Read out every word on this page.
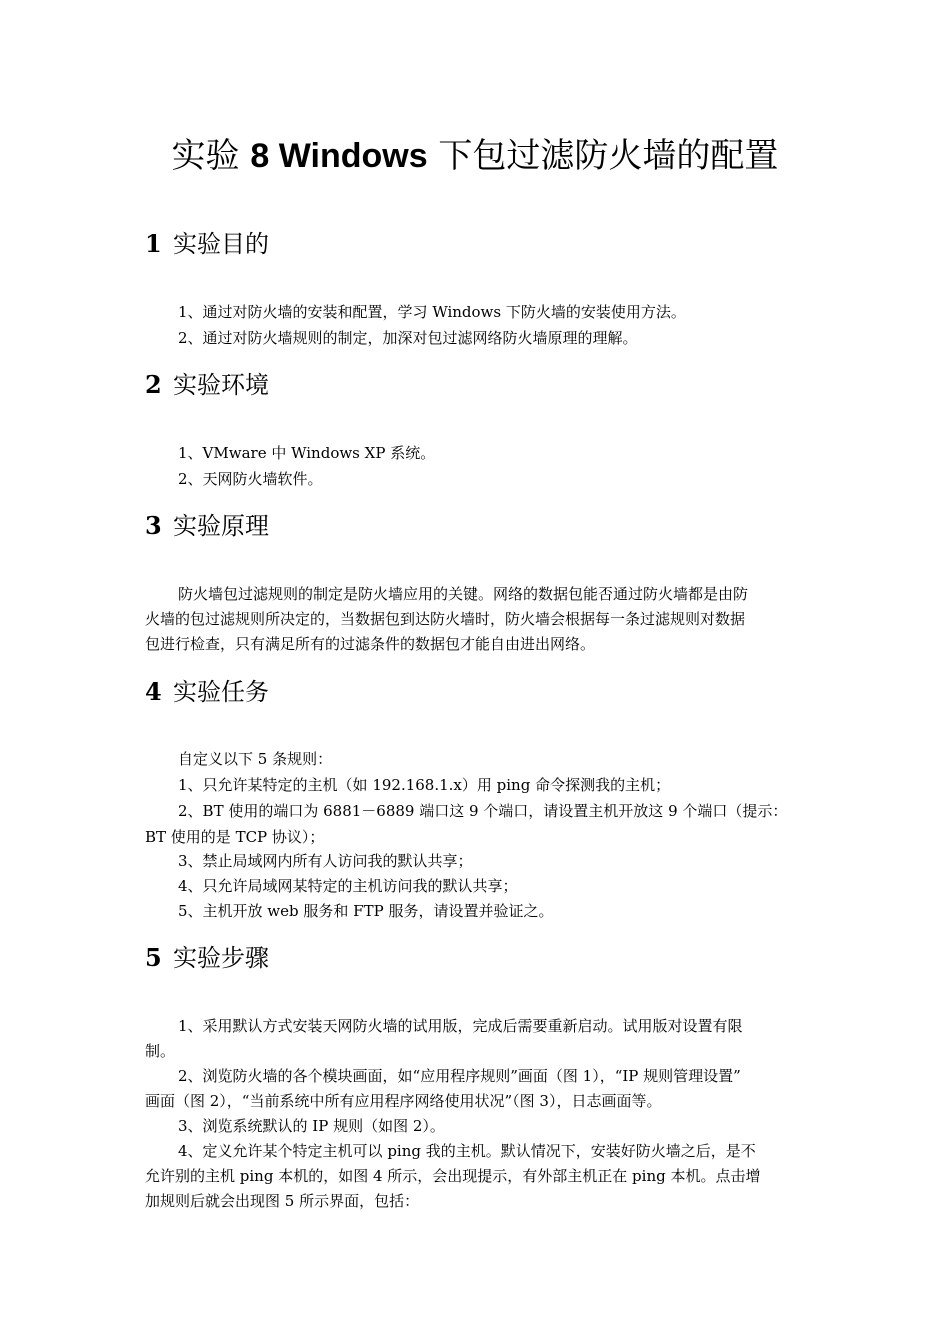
实验 8 Windows 下包过滤防火墙的配置
1 实验目的
1、通过对防火墙的安装和配置，学习 Windows 下防火墙的安装使用方法。
2、通过对防火墙规则的制定，加深对包过滤网络防火墙原理的理解。
2 实验环境
1、VMware 中 Windows XP 系统。
2、天网防火墙软件。
3 实验原理
防火墙包过滤规则的制定是防火墙应用的关键。网络的数据包能否通过防火墙都是由防
火墙的包过滤规则所决定的，当数据包到达防火墙时，防火墙会根据每一条过滤规则对数据
包进行检查，只有满足所有的过滤条件的数据包才能自由进出网络。
4 实验任务
自定义以下 5 条规则：
1、只允许某特定的主机（如 192.168.1.x）用 ping 命令探测我的主机；
2、BT 使用的端口为 6881－6889 端口这 9 个端口，请设置主机开放这 9 个端口（提示：
BT 使用的是 TCP 协议）；
3、禁止局域网内所有人访问我的默认共享；
4、只允许局域网某特定的主机访问我的默认共享；
5、主机开放 web 服务和 FTP 服务，请设置并验证之。
5 实验步骤
1、采用默认方式安装天网防火墙的试用版，完成后需要重新启动。试用版对设置有限
制。
2、浏览防火墙的各个模块画面，如“应用程序规则”画面（图 1），“IP 规则管理设置”
画面（图 2），“当前系统中所有应用程序网络使用状况”（图 3），日志画面等。
3、浏览系统默认的 IP 规则（如图 2）。
4、定义允许某个特定主机可以 ping 我的主机。默认情况下，安装好防火墙之后，是不
允许别的主机 ping 本机的，如图 4 所示，会出现提示，有外部主机正在 ping 本机。点击增
加规则后就会出现图 5 所示界面，包括：
